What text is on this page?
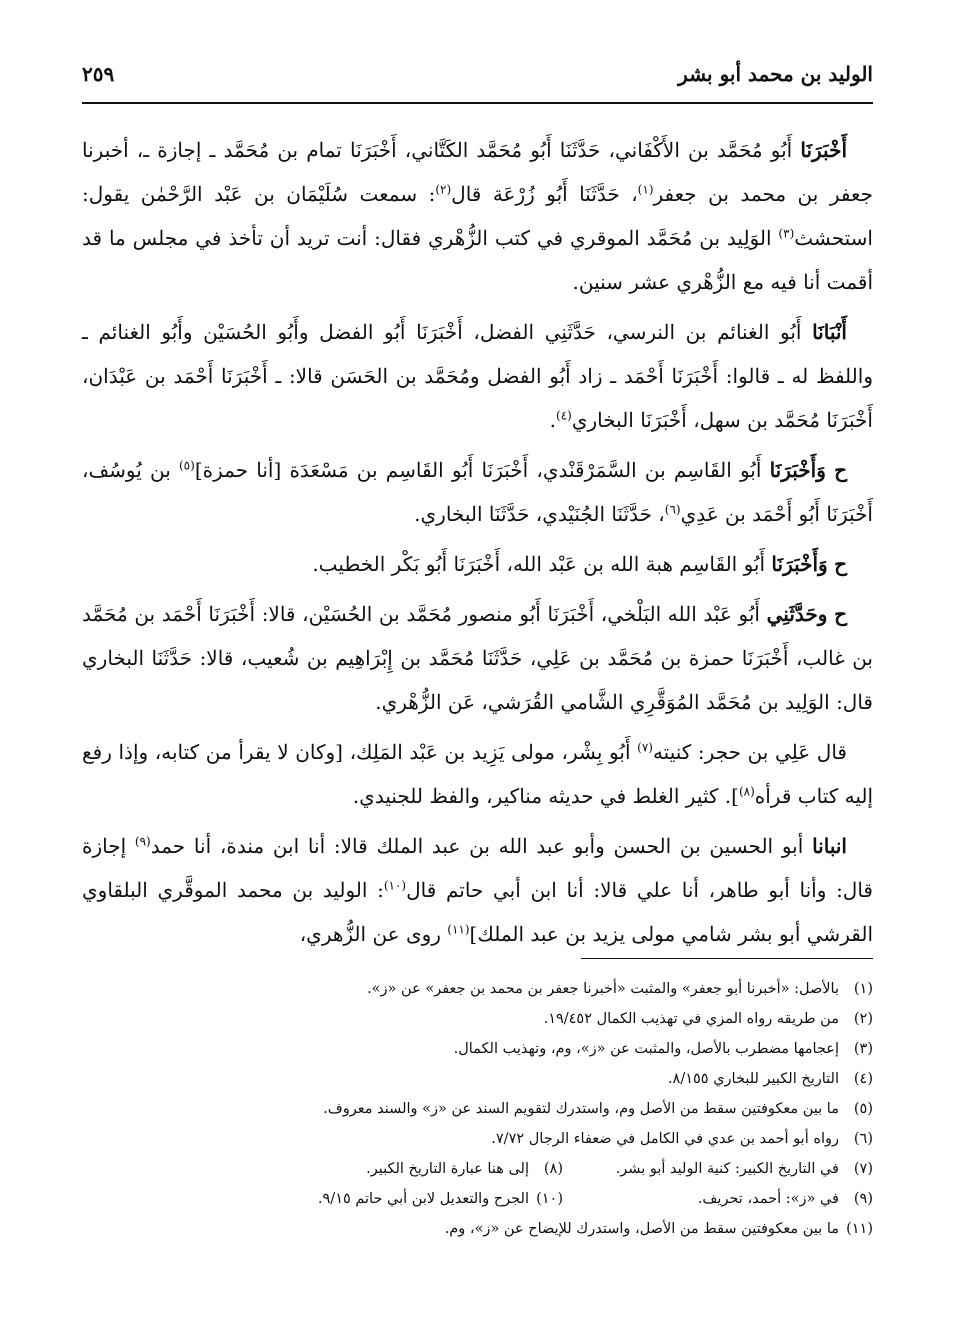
الوليد بن محمد أبو بشر
٢٥٩

أَخْبَرَنَا أَبُو مُحَمَّد بن الأَكْفَاني، حَدَّثَنَا أَبُو مُحَمَّد الكَتَّاني، أَخْبَرَنَا تمام بن مُحَمَّد ـ إجازة ـ، أخبرنا جعفر بن محمد بن جعفر$^{(١)}$، حَدَّثَنَا أَبُو زُرْعَة قال$^{(٢)}$: سمعت سُلَيْمَان بن عَبْد الرَّحْمٰن يقول: استحشث$^{(٣)}$ الوَلِيد بن مُحَمَّد الموقري في كتب الزُّهْري فقال: أنت تريد أن تأخذ في مجلس ما قد أقمت أنا فيه مع الزُّهْري عشر سنين.

أَنْبَانَا أَبُو الغنائم بن النرسي، حَدَّثَنِي الفضل، أَخْبَرَنَا أَبُو الفضل وأَبُو الحُسَيْن وأَبُو الغنائم ـ واللفظ له ـ قالوا: أَخْبَرَنَا أَحْمَد ـ زاد أَبُو الفضل ومُحَمَّد بن الحَسَن قالا: ـ أَخْبَرَنَا أَحْمَد بن عَبْدَان، أَخْبَرَنَا مُحَمَّد بن سهل، أَخْبَرَنَا البخاري$^{(٤)}$.

ح وَأَخْبَرَنَا أَبُو القَاسِم بن السَّمَرْقَنْدي، أَخْبَرَنَا أَبُو القَاسِم بن مَسْعَدَة [أنا حمزة]$^{(٥)}$ بن يُوسُف، أَخْبَرَنَا أَبُو أَحْمَد بن عَدِي$^{(٦)}$، حَدَّثَنَا الجُنَيْدي، حَدَّثَنَا البخاري.

ح وَأَخْبَرَنَا أَبُو القَاسِم هبة الله بن عَبْد الله، أَخْبَرَنَا أَبُو بَكْر الخطيب.

ح وحَدَّثَنِي أَبُو عَبْد الله البَلْخي، أَخْبَرَنَا أَبُو منصور مُحَمَّد بن الحُسَيْن، قالا: أَخْبَرَنَا أَحْمَد بن مُحَمَّد بن غالب، أَخْبَرَنَا حمزة بن مُحَمَّد بن عَلِي، حَدَّثَنَا مُحَمَّد بن إِبْرَاهِيم بن شُعيب، قالا: حَدَّثَنَا البخاري قال: الوَلِيد بن مُحَمَّد المُوَقَّرِي الشَّامي القُرَشي، عَن الزُّهْري.

قال عَلِي بن حجر: كنيته$^{(٧)}$ أَبُو بِشْر، مولى يَزِيد بن عَبْد المَلِك، [وكان لا يقرأ من كتابه، وإذا رفع إليه كتاب قرأه$^{(٨)}$]. كثير الغلط في حديثه مناكير، والفظ للجنيدي.

انبانا أبو الحسين بن الحسن وأبو عبد الله بن عبد الملك قالا: أنا ابن مندة، أنا حمد$^{(٩)}$ إجازة قال: وأنا أبو طاهر، أنا علي قالا: أنا ابن أبي حاتم قال$^{(١٠)}$: الوليد بن محمد الموقَّري البلقاوي القرشي أبو بشر شامي مولى يزيد بن عبد الملك]$^{(١١)}$ روى عن الزُّهري،

(١)بالأصل: «أخبرنا أبو جعفر» والمثبت «أخبرنا جعفر بن محمد بن جعفر» عن «ز».
(٢)من طريقه رواه المزي في تهذيب الكمال ١٩/٤٥٢.
(٣)إعجامها مضطرب بالأصل، والمثبت عن «ز»، وم، وتهذيب الكمال.
(٤)التاريخ الكبير للبخاري ٨/١٥٥.
(٥)ما بين معكوفتين سقط من الأصل وم، واستدرك لتقويم السند عن «ز» والسند معروف.
(٦)رواه أبو أحمد بن عدي في الكامل في ضعفاء الرجال ٧/٧٢.
(٧)في التاريخ الكبير: كنية الوليد أبو بشر.
(٨)إلى هنا عبارة التاريخ الكبير.
(٩)في «ز»: أحمد، تحريف.
(١٠)الجرح والتعديل لابن أبي حاتم ٩/١٥.
(١١)ما بين معكوفتين سقط من الأصل، واستدرك للإيضاح عن «ز»، وم.
